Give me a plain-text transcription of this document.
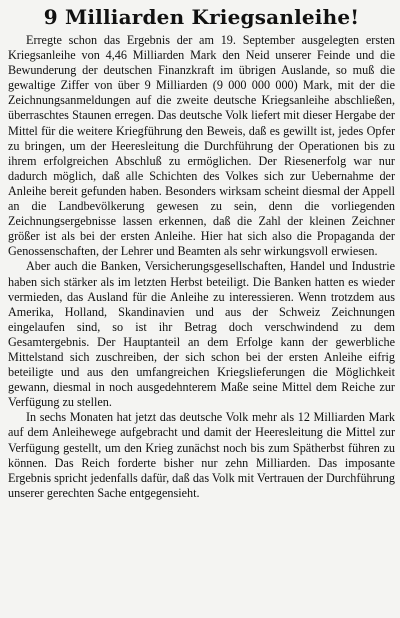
9 Milliarden Kriegsanleihe!

Erregte schon das Ergebnis der am 19. September ausgelegten ersten Kriegsanleihe von 4,46 Milliarden Mark den Neid unserer Feinde und die Bewunderung der deutschen Finanzkraft im übrigen Auslande, so muß die gewaltige Ziffer von über 9 Milliarden (9 000 000 000) Mark, mit der die Zeichnungsanmeldungen auf die zweite deutsche Kriegsanleihe abschließen, überraschtes Staunen erregen. Das deutsche Volk liefert mit dieser Hergabe der Mittel für die weitere Kriegführung den Beweis, daß es gewillt ist, jedes Opfer zu bringen, um der Heeresleitung die Durchführung der Operationen bis zu ihrem erfolgreichen Abschluß zu ermöglichen. Der Riesenerfolg war nur dadurch möglich, daß alle Schichten des Volkes sich zur Uebernahme der Anleihe bereit gefunden haben. Besonders wirksam scheint diesmal der Appell an die Landbevölkerung gewesen zu sein, denn die vorliegenden Zeichnungsergebnisse lassen erkennen, daß die Zahl der kleinen Zeichner größer ist als bei der ersten Anleihe. Hier hat sich also die Propaganda der Genossenschaften, der Lehrer und Beamten als sehr wirkungsvoll erwiesen.

Aber auch die Banken, Versicherungsgesellschaften, Handel und Industrie haben sich stärker als im letzten Herbst beteiligt. Die Banken hatten es wieder vermieden, das Ausland für die Anleihe zu interessieren. Wenn trotzdem aus Amerika, Holland, Skandinavien und aus der Schweiz Zeichnungen eingelaufen sind, so ist ihr Betrag doch verschwindend zu dem Gesamtergebnis. Der Hauptanteil an dem Erfolge kann der gewerbliche Mittelstand sich zuschreiben, der sich schon bei der ersten Anleihe eifrig beteiligte und aus den umfangreichen Kriegslieferungen die Möglichkeit gewann, diesmal in noch ausgedehnterem Maße seine Mittel dem Reiche zur Verfügung zu stellen.

In sechs Monaten hat jetzt das deutsche Volk mehr als 12 Milliarden Mark auf dem Anleihewege aufgebracht und damit der Heeresleitung die Mittel zur Verfügung gestellt, um den Krieg zunächst noch bis zum Spätherbst führen zu können. Das Reich forderte bisher nur zehn Milliarden. Das imposante Ergebnis spricht jedenfalls dafür, daß das Volk mit Vertrauen der Durchführung unserer gerechten Sache entgegensieht.
